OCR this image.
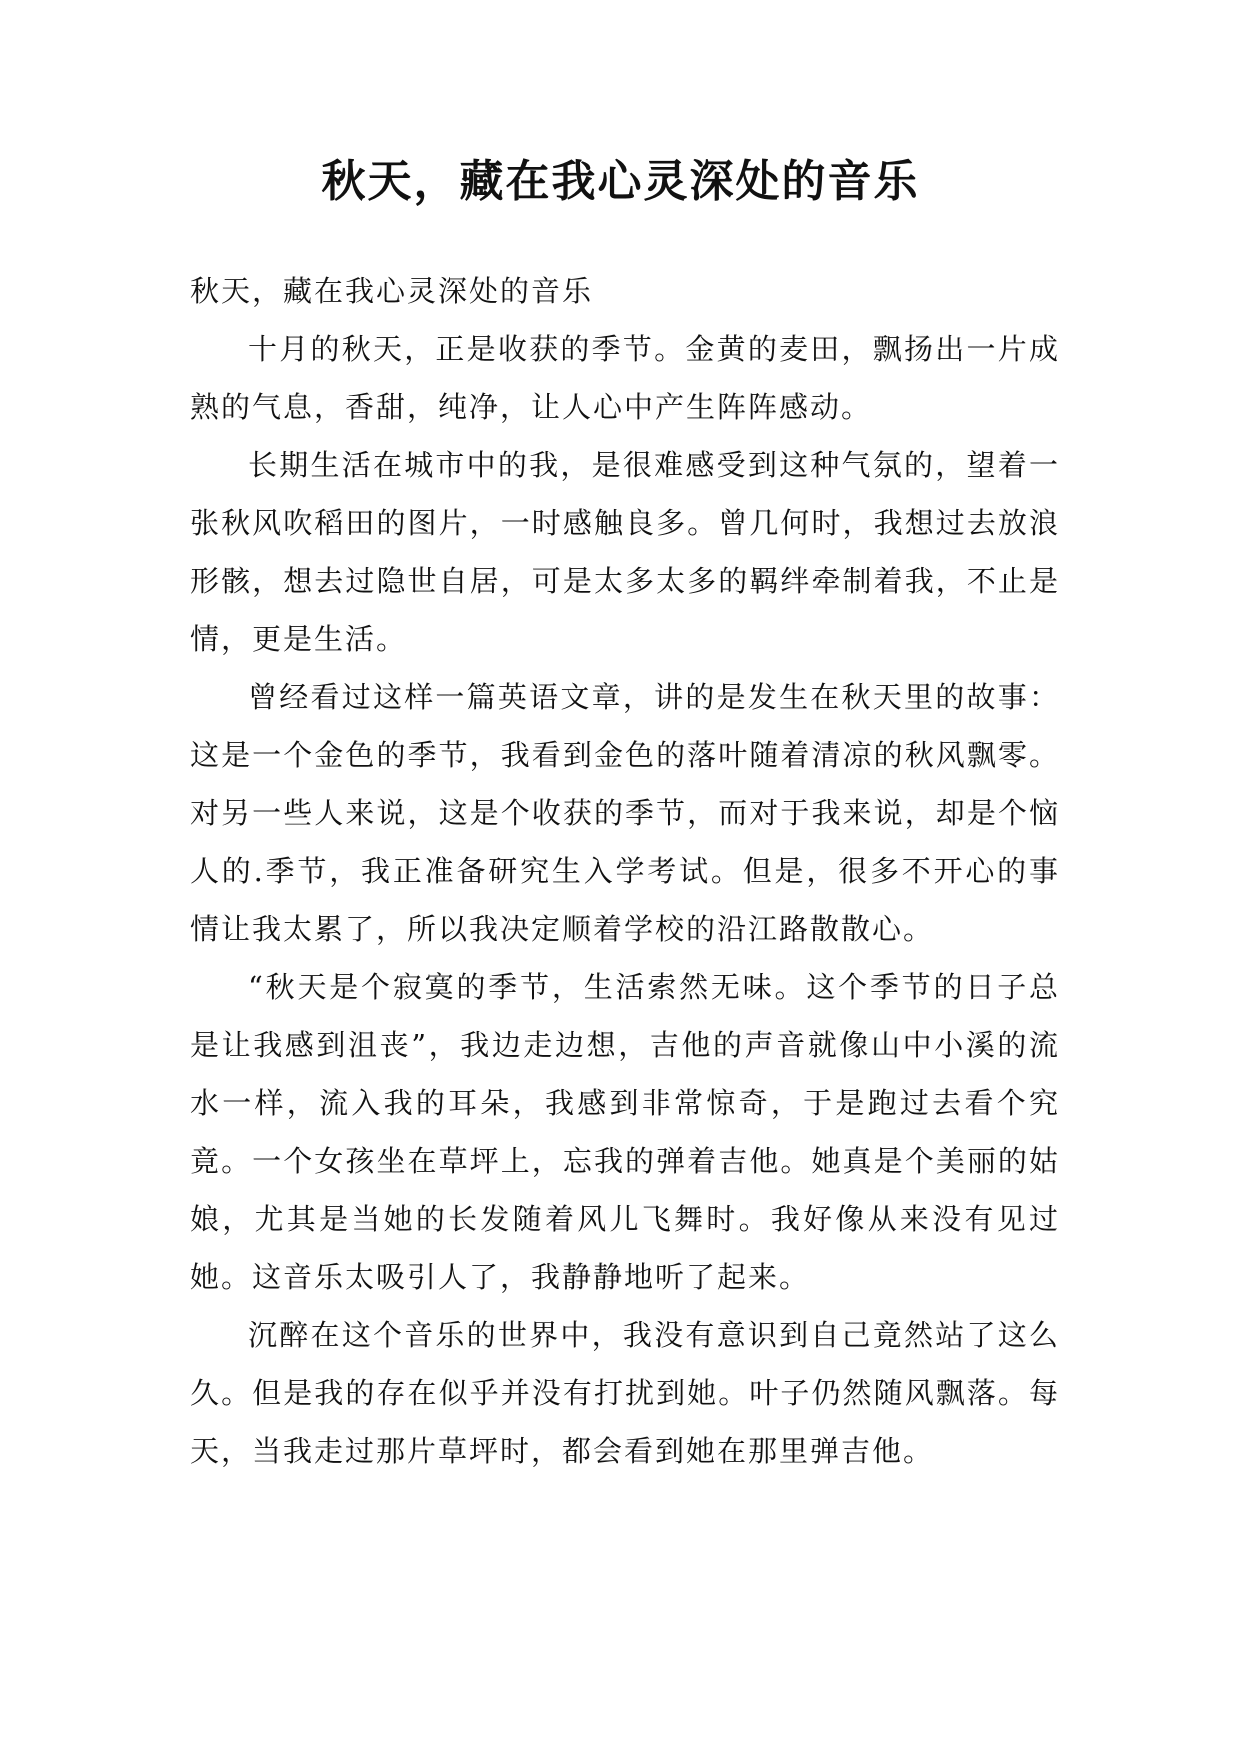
秋天，藏在我心灵深处的音乐

秋天，藏在我心灵深处的音乐

十月的秋天，正是收获的季节。金黄的麦田，飘扬出一片成熟的气息，香甜，纯净，让人心中产生阵阵感动。

长期生活在城市中的我，是很难感受到这种气氛的，望着一张秋风吹稻田的图片，一时感触良多。曾几何时，我想过去放浪形骸，想去过隐世自居，可是太多太多的羁绊牵制着我，不止是情，更是生活。

曾经看过这样一篇英语文章，讲的是发生在秋天里的故事：这是一个金色的季节，我看到金色的落叶随着清凉的秋风飘零。对另一些人来说，这是个收获的季节，而对于我来说，却是个恼人的.季节，我正准备研究生入学考试。但是，很多不开心的事情让我太累了，所以我决定顺着学校的沿江路散散心。

“秋天是个寂寞的季节，生活索然无味。这个季节的日子总是让我感到沮丧”，我边走边想，吉他的声音就像山中小溪的流水一样，流入我的耳朵，我感到非常惊奇，于是跑过去看个究竟。一个女孩坐在草坪上，忘我的弹着吉他。她真是个美丽的姑娘，尤其是当她的长发随着风儿飞舞时。我好像从来没有见过她。这音乐太吸引人了，我静静地听了起来。

沉醉在这个音乐的世界中，我没有意识到自己竟然站了这么久。但是我的存在似乎并没有打扰到她。叶子仍然随风飘落。每天，当我走过那片草坪时，都会看到她在那里弹吉他。
